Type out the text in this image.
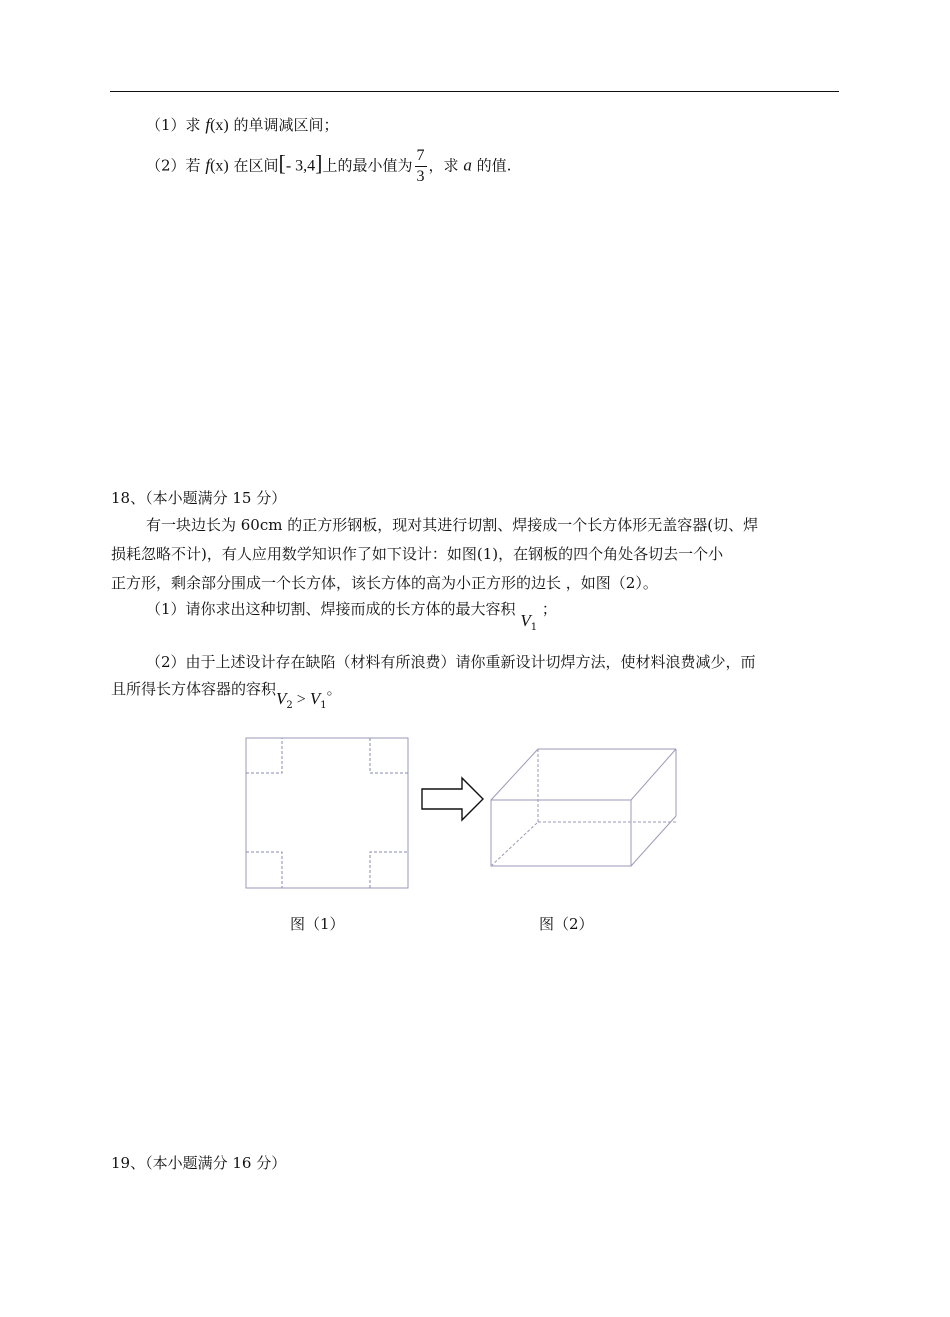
（1）求 f(x) 的单调减区间；
（2）若 f(x) 在区间[- 3,4]上的最小值为 $\frac{7}{3}$ ，求 a 的值.
18、（本小题满分 15 分）
有一块边长为 60cm 的正方形钢板，现对其进行切割、焊接成一个长方体形无盖容器(切、焊
损耗忽略不计)，有人应用数学知识作了如下设计：如图(1)，在钢板的四个角处各切去一个小
正方形，剩余部分围成一个长方体，该长方体的高为小正方形的边长 ，如图（2）。
（1）请你求出这种切割、焊接而成的长方体的最大容积 $V_1$ ；
（2）由于上述设计存在缺陷（材料有所浪费）请你重新设计切焊方法，使材料浪费减少，而
且所得长方体容器的容积$V_2 > V_1$。
图（1）	图（2）
19、（本小题满分 16 分）
